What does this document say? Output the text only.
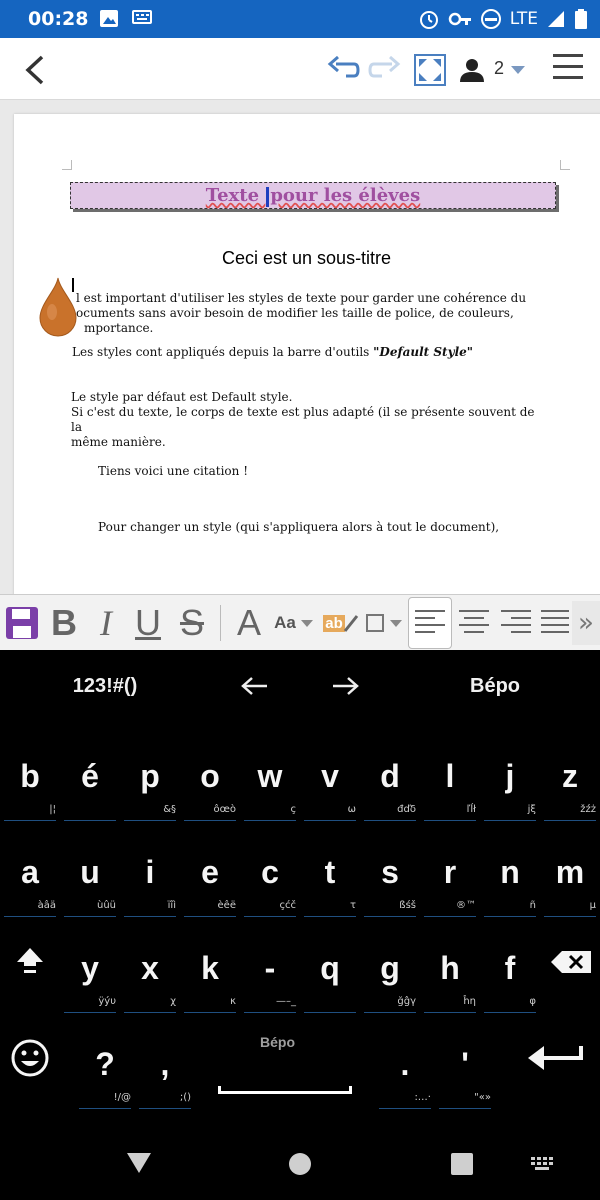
00:28	LTE
2
Texte pour les élèves
Ceci est un sous-titre
l est important d'utiliser les styles de texte pour garder une cohérence du
ocuments sans avoir besoin de modifier les taille de police, de couleurs,
mportance.
Les styles cont appliqués depuis la barre d'outils "Default Style"
Le style par défaut est Default style.
Si c'est du texte, le corps de texte est plus adapté (il se présente souvent de la
même manière.
Tiens voici une citation !
Pour changer un style (qui s'appliquera alors à tout le document),
B I U S A Aa ab	»
123!#()	Bépo
b
|¦
é	p
&§
o
ôœò
w
ç
v
ω
d
đďδ
l
ľĺł
j
jξ
z
žźż
a
àâä
u
ùûü
i
ïîì
e
èêë
c
çćč
t
τ
s
ßśš
r
®™
n
ñ
m
μ
y
ÿýυ
x
χ
k
κ
-
—–_
q	g
ğĝγ
h
ĥη
f
φ
?
!/@
,
;()
Bépo
.
:…·
'
"«»
